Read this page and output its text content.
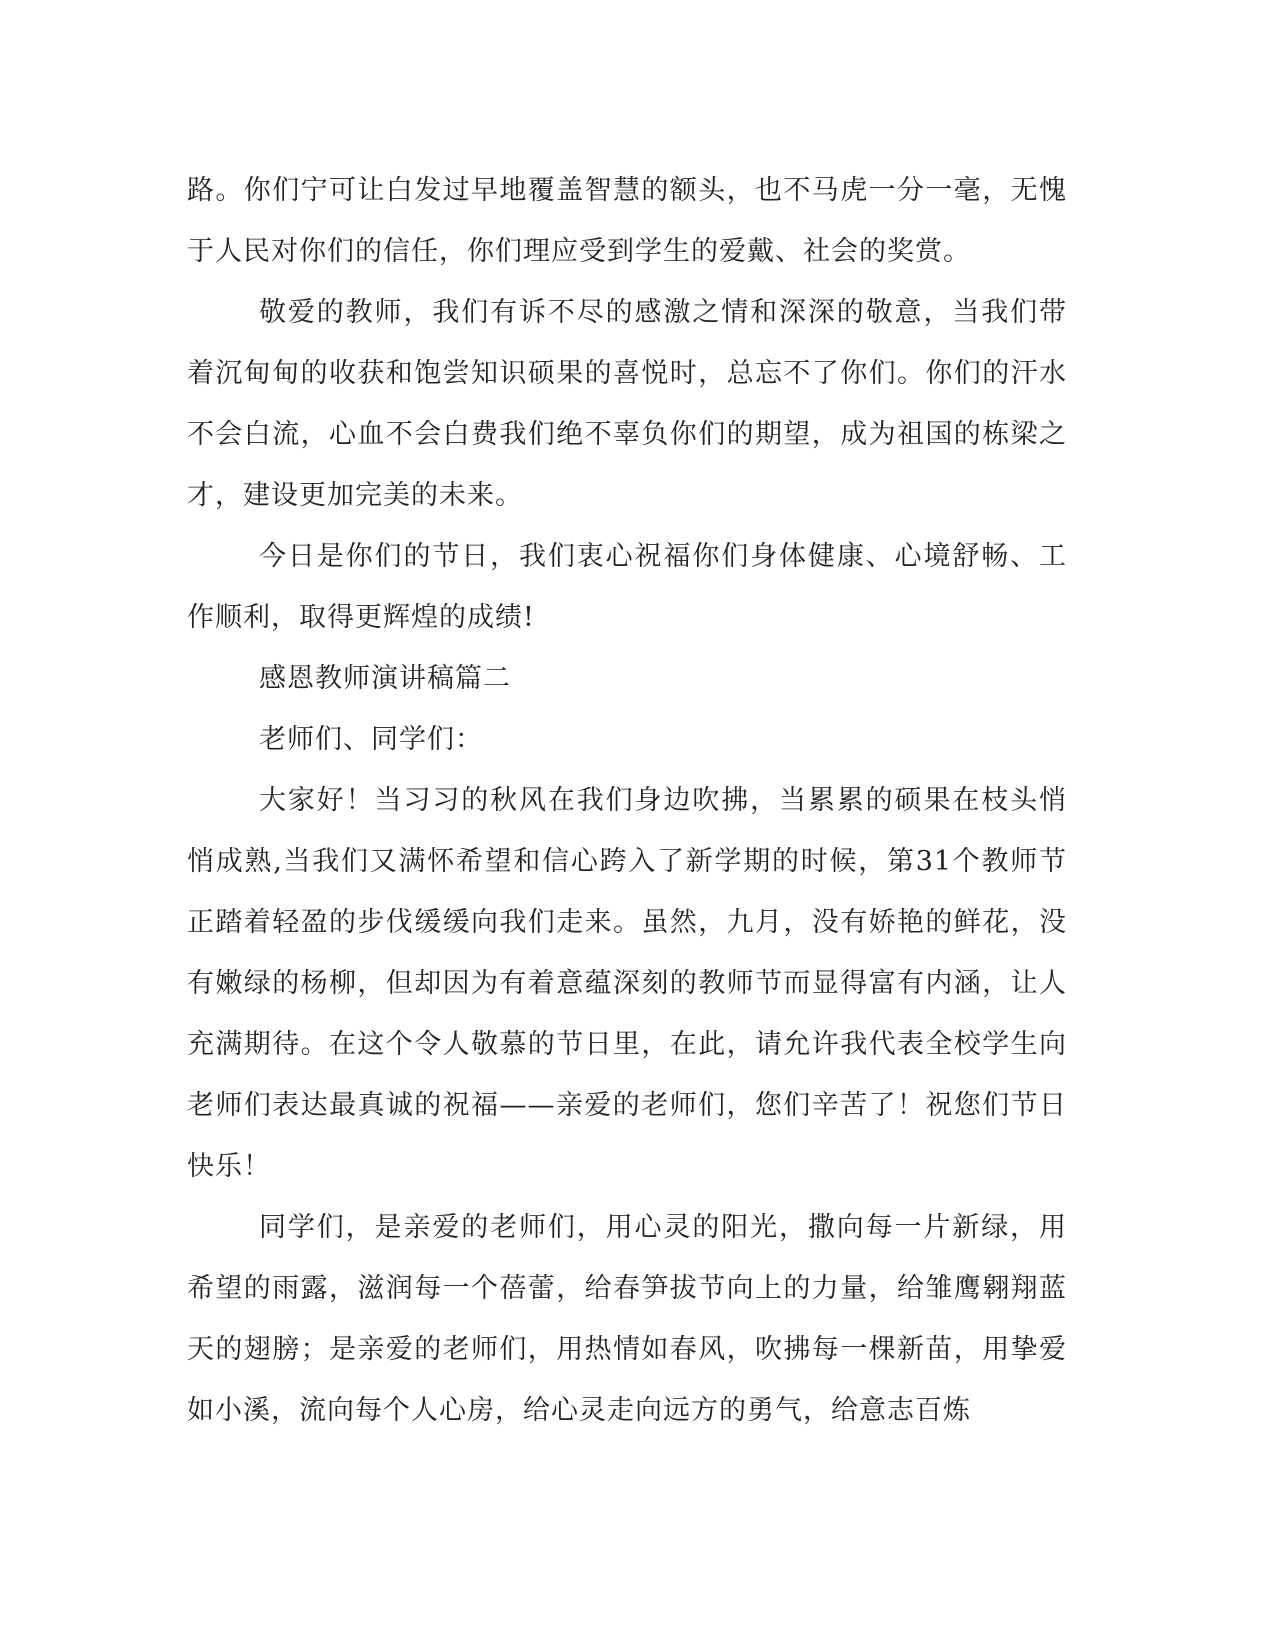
路。你们宁可让白发过早地覆盖智慧的额头，也不马虎一分一毫，无愧于人民对你们的信任，你们理应受到学生的爱戴、社会的奖赏。

敬爱的教师，我们有诉不尽的感激之情和深深的敬意，当我们带着沉甸甸的收获和饱尝知识硕果的喜悦时，总忘不了你们。你们的汗水不会白流，心血不会白费我们绝不辜负你们的期望，成为祖国的栋梁之才，建设更加完美的未来。

今日是你们的节日，我们衷心祝福你们身体健康、心境舒畅、工作顺利，取得更辉煌的成绩!

感恩教师演讲稿篇二

老师们、同学们：

大家好！当习习的秋风在我们身边吹拂，当累累的硕果在枝头悄悄成熟,当我们又满怀希望和信心跨入了新学期的时候，第31个教师节正踏着轻盈的步伐缓缓向我们走来。虽然，九月，没有娇艳的鲜花，没有嫩绿的杨柳，但却因为有着意蕴深刻的教师节而显得富有内涵，让人充满期待。在这个令人敬慕的节日里，在此，请允许我代表全校学生向老师们表达最真诚的祝福——亲爱的老师们，您们辛苦了！祝您们节日快乐！

同学们，是亲爱的老师们，用心灵的阳光，撒向每一片新绿，用希望的雨露，滋润每一个蓓蕾，给春笋拔节向上的力量，给雏鹰翱翔蓝天的翅膀；是亲爱的老师们，用热情如春风，吹拂每一棵新苗，用挚爱如小溪，流向每个人心房，给心灵走向远方的勇气，给意志百炼
